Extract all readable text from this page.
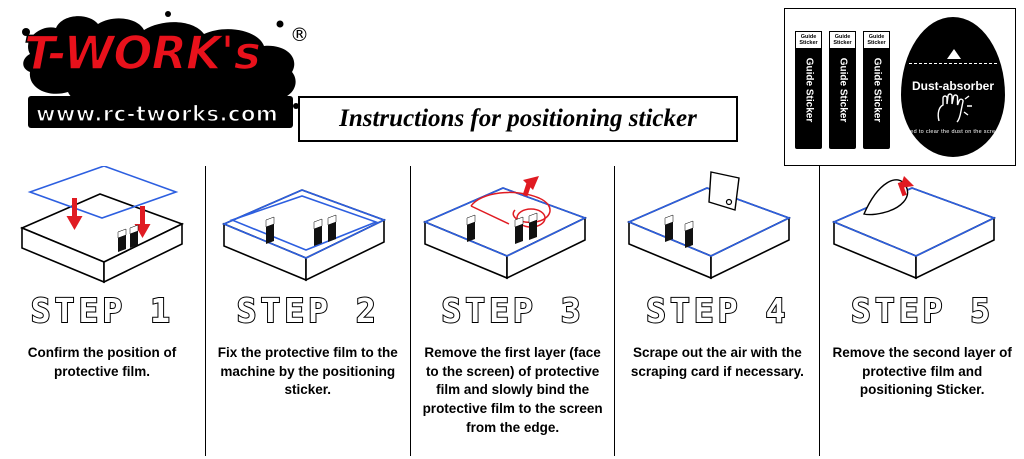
T-WORK's	®
www.rc-tworks.com Instructions for positioning sticker
Guide Sticker
Guide Sticker
Guide Sticker
Guide Sticker
Guide Sticker
Guide Sticker	Dust-absorber
used to clear the dust on the screen
STEP 1
Confirm the position of protective film.
STEP 2
Fix the protective film to the machine by the positioning sticker.
STEP 3
Remove the first layer (face to the screen) of protective film and slowly bind the protective film to the screen from the edge.
STEP 4
Scrape out the air with the scraping card if necessary.
STEP 5
Remove the second layer of protective film and positioning Sticker.
